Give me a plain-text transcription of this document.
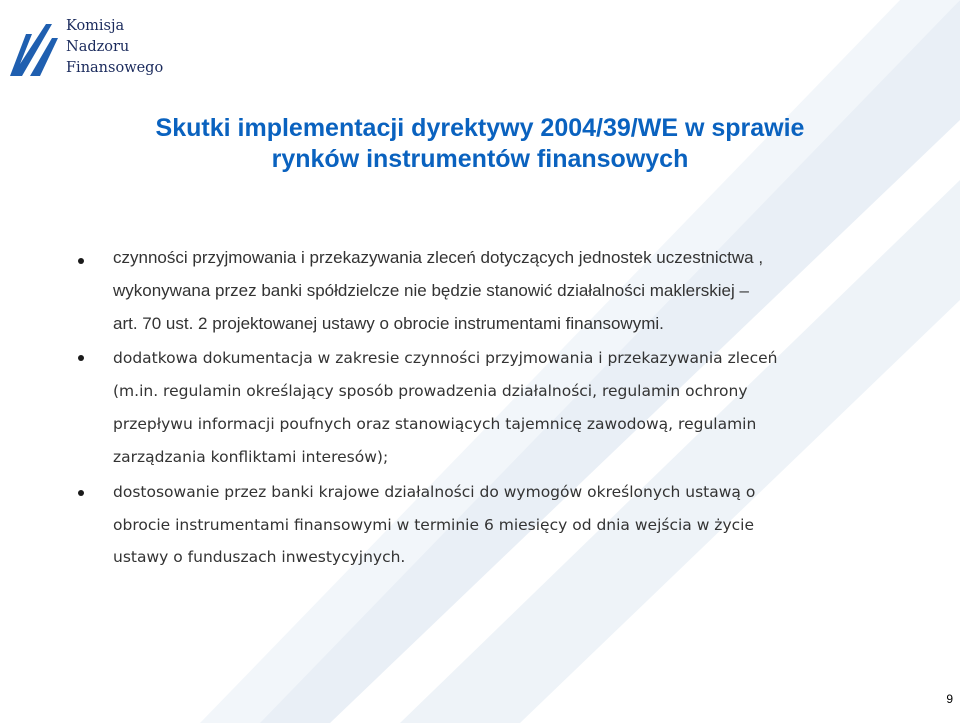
Komisja
Nadzoru
Finansowego
Skutki implementacji dyrektywy 2004/39/WE w sprawie
rynków instrumentów finansowych
czynności przyjmowania i przekazywania zleceń dotyczących jednostek uczestnictwa ,
wykonywana przez banki spółdzielcze nie będzie stanowić działalności maklerskiej –
art. 70 ust. 2 projektowanej ustawy o obrocie instrumentami finansowymi.
dodatkowa dokumentacja w zakresie czynności przyjmowania i przekazywania zleceń
(m.in. regulamin określający sposób prowadzenia działalności, regulamin ochrony
przepływu informacji poufnych oraz stanowiących tajemnicę zawodową, regulamin
zarządzania konfliktami interesów);
dostosowanie przez banki krajowe działalności do wymogów określonych ustawą o
obrocie instrumentami finansowymi w terminie 6 miesięcy od dnia wejścia w życie
ustawy o funduszach inwestycyjnych.
9
